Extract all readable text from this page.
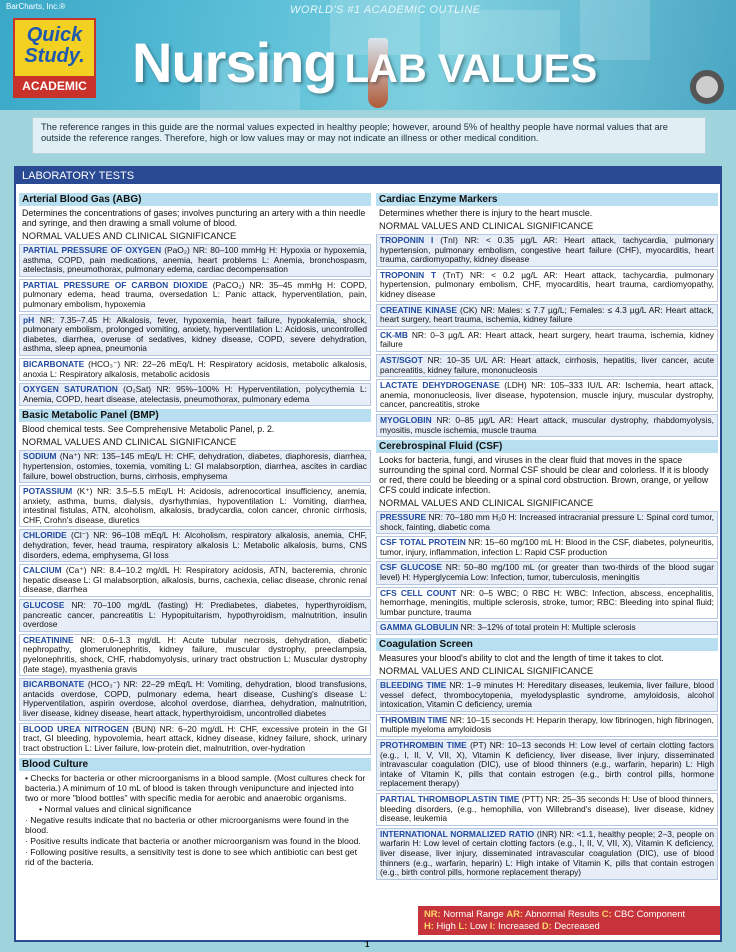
BarCharts, Inc.®	WORLD'S #1 ACADEMIC OUTLINE
Quick
Study.
ACADEMIC Nursing LAB VALUES
The reference ranges in this guide are the normal values expected in healthy people; however, around 5% of healthy people have normal values that are outside the reference ranges. Therefore, high or low values may or may not indicate an illness or other medical condition.
LABORATORY TESTS
Arterial Blood Gas (ABG)
Determines the concentrations of gases; involves puncturing an artery with a thin needle and syringe, and then drawing a small volume of blood.
NORMAL VALUES AND CLINICAL SIGNIFICANCE
PARTIAL PRESSURE OF OXYGEN (PaO₂) NR: 80–100 mmHg H: Hypoxia or hypoxemia, asthma, COPD, pain medications, anemia, heart problems L: Anemia, bronchospasm, atelectasis, pneumothorax, pulmonary edema, cardiac decompensation
PARTIAL PRESSURE OF CARBON DIOXIDE (PaCO₂) NR: 35–45 mmHg H: COPD, pulmonary edema, head trauma, oversedation L: Panic attack, hyperventilation, pain, pulmonary embolism, hypoxemia
pH NR: 7.35–7.45 H: Alkalosis, fever, hypoxemia, heart failure, hypokalemia, shock, pulmonary embolism, prolonged vomiting, anxiety, hyperventilation L: Acidosis, uncontrolled diabetes, diarrhea, overuse of sedatives, kidney disease, COPD, severe dehydration, asthma, sleep apnea, pneumonia
BICARBONATE (HCO₃⁻) NR: 22–26 mEq/L H: Respiratory acidosis, metabolic alkalosis, anoxia L: Respiratory alkalosis, metabolic acidosis
OXYGEN SATURATION (O₂Sat) NR: 95%–100% H: Hyperventilation, polycythemia L: Anemia, COPD, heart disease, atelectasis, pneumothorax, pulmonary edema
Basic Metabolic Panel (BMP)
Blood chemical tests. See Comprehensive Metabolic Panel, p. 2.
NORMAL VALUES AND CLINICAL SIGNIFICANCE
SODIUM (Na⁺) NR: 135–145 mEq/L H: CHF, dehydration, diabetes, diaphoresis, diarrhea, hypertension, ostomies, toxemia, vomiting L: GI malabsorption, diarrhea, ascites in cardiac failure, bowel obstruction, burns, cirrhosis, emphysema
POTASSIUM (K⁺) NR: 3.5–5.5 mEq/L H: Acidosis, adrenocortical insufficiency, anemia, anxiety, asthma, burns, dialysis, dysrhythmias, hypoventilation L: Vomiting, diarrhea, intestinal fistulas, ATN, alcoholism, alkalosis, bradycardia, colon cancer, chronic cirrhosis, CHF, Crohn's disease, diuretics
CHLORIDE (Cl⁻) NR: 96–108 mEq/L H: Alcoholism, respiratory alkalosis, anemia, CHF, dehydration, fever, head trauma, respiratory alkalosis L: Metabolic alkalosis, burns, CNS disorders, edema, emphysema, GI loss
CALCIUM (Ca⁺) NR: 8.4–10.2 mg/dL H: Respiratory acidosis, ATN, bacteremia, chronic hepatic disease L: GI malabsorption, alkalosis, burns, cachexia, celiac disease, chronic renal disease, diarrhea
GLUCOSE NR: 70–100 mg/dL (fasting) H: Prediabetes, diabetes, hyperthyroidism, pancreatic cancer, pancreatitis L: Hypopituitarism, hypothyroidism, malnutrition, insulin overdose
CREATININE NR: 0.6–1.3 mg/dL H: Acute tubular necrosis, dehydration, diabetic nephropathy, glomerulonephritis, kidney failure, muscular dystrophy, preeclampsia, pyelonephritis, shock, CHF, rhabdomyolysis, urinary tract obstruction L: Muscular dystrophy (late stage), myasthenia gravis
BICARBONATE (HCO₃⁻) NR: 22–29 mEq/L H: Vomiting, dehydration, blood transfusions, antacids overdose, COPD, pulmonary edema, heart disease, Cushing's disease L: Hyperventilation, aspirin overdose, alcohol overdose, diarrhea, dehydration, malnutrition, liver disease, kidney disease, heart attack, hyperthyroidism, uncontrolled diabetes
BLOOD UREA NITROGEN (BUN) NR: 6–20 mg/dL H: CHF, excessive protein in the GI tract, GI bleeding, hypovolemia, heart attack, kidney disease, kidney failure, shock, urinary tract obstruction L: Liver failure, low-protein diet, malnutrition, over-hydration
Blood Culture
• Checks for bacteria or other microorganisms in a blood sample. (Most cultures check for bacteria.) A minimum of 10 mL of blood is taken through venipuncture and injected into two or more "blood bottles" with specific media for aerobic and anaerobic organisms.
• Normal values and clinical significance
· Negative results indicate that no bacteria or other microorganisms were found in the blood.
· Positive results indicate that bacteria or another microorganism was found in the blood.
· Following positive results, a sensitivity test is done to see which antibiotic can best get rid of the bacteria.
Cardiac Enzyme Markers
Determines whether there is injury to the heart muscle.
NORMAL VALUES AND CLINICAL SIGNIFICANCE
TROPONIN I (TnI) NR: < 0.35 µg/L AR: Heart attack, tachycardia, pulmonary hypertension, pulmonary embolism, congestive heart failure (CHF), myocarditis, heart trauma, cardiomyopathy, kidney disease
TROPONIN T (TnT) NR: < 0.2 µg/L AR: Heart attack, tachycardia, pulmonary hypertension, pulmonary embolism, CHF, myocarditis, heart trauma, cardiomyopathy, kidney disease
CREATINE KINASE (CK) NR: Males: ≤ 7.7 µg/L; Females: ≤ 4.3 µg/L AR: Heart attack, heart surgery, heart trauma, ischemia, kidney failure
CK-MB NR: 0–3 µg/L AR: Heart attack, heart surgery, heart trauma, ischemia, kidney failure
AST/SGOT NR: 10–35 U/L AR: Heart attack, cirrhosis, hepatitis, liver cancer, acute pancreatitis, kidney failure, mononucleosis
LACTATE DEHYDROGENASE (LDH) NR: 105–333 IU/L AR: Ischemia, heart attack, anemia, mononucleosis, liver disease, hypotension, muscle injury, muscular dystrophy, cancer, pancreatitis, stroke
MYOGLOBIN NR: 0–85 µg/L AR: Heart attack, muscular dystrophy, rhabdomyolysis, myositis, muscle ischemia, muscle trauma
Cerebrospinal Fluid (CSF)
Looks for bacteria, fungi, and viruses in the clear fluid that moves in the space surrounding the spinal cord. Normal CSF should be clear and colorless. If it is bloody or red, there could be bleeding or a spinal cord obstruction. Brown, orange, or yellow CFS could indicate infection.
NORMAL VALUES AND CLINICAL SIGNIFICANCE
PRESSURE NR: 70–180 mm H₂0 H: Increased intracranial pressure L: Spinal cord tumor, shock, fainting, diabetic coma
CSF TOTAL PROTEIN NR: 15–60 mg/100 mL H: Blood in the CSF, diabetes, polyneuritis, tumor, injury, inflammation, infection L: Rapid CSF production
CSF GLUCOSE NR: 50–80 mg/100 mL (or greater than two-thirds of the blood sugar level) H: Hyperglycemia Low: Infection, tumor, tuberculosis, meningitis
CFS CELL COUNT NR: 0–5 WBC; 0 RBC H: WBC: Infection, abscess, encephalitis, hemorrhage, meningitis, multiple sclerosis, stroke, tumor; RBC: Bleeding into spinal fluid; lumbar puncture, trauma
GAMMA GLOBULIN NR: 3–12% of total protein H: Multiple sclerosis
Coagulation Screen
Measures your blood's ability to clot and the length of time it takes to clot.
NORMAL VALUES AND CLINICAL SIGNIFICANCE
BLEEDING TIME NR: 1–9 minutes H: Hereditary diseases, leukemia, liver failure, blood vessel defect, thrombocytopenia, myelodysplastic syndrome, amyloidosis, alcohol intoxication, Vitamin C deficiency, uremia
THROMBIN TIME NR: 10–15 seconds H: Heparin therapy, low fibrinogen, high fibrinogen, multiple myeloma amyloidosis
PROTHROMBIN TIME (PT) NR: 10–13 seconds H: Low level of certain clotting factors (e.g., I, II, V, VII, X), Vitamin K deficiency, liver disease, liver injury, disseminated intravascular coagulation (DIC), use of blood thinners (e.g., warfarin, heparin) L: High intake of Vitamin K, pills that contain estrogen (e.g., birth control pills, hormone replacement therapy)
PARTIAL THROMBOPLASTIN TIME (PTT) NR: 25–35 seconds H: Use of blood thinners, bleeding disorders, (e.g., hemophilia, von Willebrand's disease), liver disease, kidney disease, leukemia
INTERNATIONAL NORMALIZED RATIO (INR) NR: <1.1, healthy people; 2–3, people on warfarin H: Low level of certain clotting factors (e.g., I, II, V, VII, X), Vitamin K deficiency, liver disease, liver injury, disseminated intravascular coagulation (DIC), use of blood thinners (e.g., warfarin, heparin) L: High intake of Vitamin K, pills that contain estrogen (e.g., birth control pills, hormone replacement therapy)
NR: Normal Range AR: Abnormal Results C: CBC Component
H: High L: Low I: Increased D: Decreased
1
